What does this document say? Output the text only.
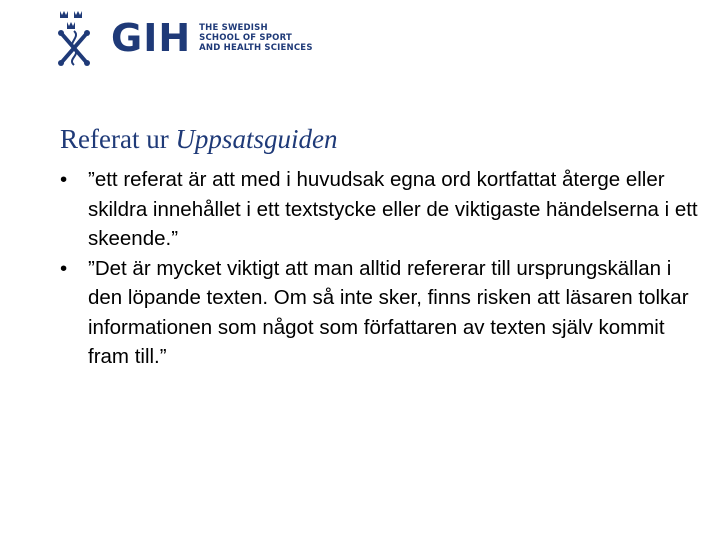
GIH THE SWEDISH
SCHOOL OF SPORT
AND HEALTH SCIENCES
Referat ur Uppsatsguiden
• ”ett referat är att med i huvudsak egna ord kortfattat återge eller skildra innehållet i ett textstycke eller de viktigaste händelserna i ett skeende.”
• ”Det är mycket viktigt att man alltid refererar till ursprungskällan i den löpande texten. Om så inte sker, finns risken att läsaren tolkar informationen som något som författaren av texten själv kommit fram till.”
